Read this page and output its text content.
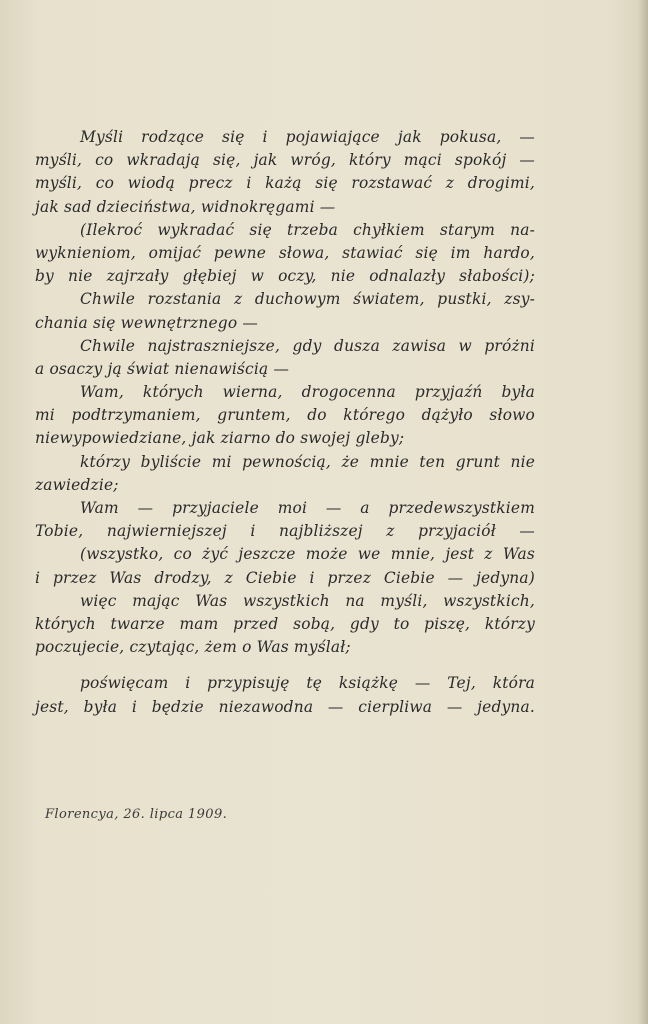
Myśli rodzące się i pojawiające jak pokusa, —
myśli, co wkradają się, jak wróg, który mąci spokój —
myśli, co wiodą precz i każą się rozstawać z drogimi,
jak sad dzieciństwa, widnokręgami —
(Ilekroć wykradać się trzeba chyłkiem starym na-
wyknieniom, omijać pewne słowa, stawiać się im hardo,
by nie zajrzały głębiej w oczy, nie odnalazły słabości);
Chwile rozstania z duchowym światem, pustki, zsy-
chania się wewnętrznego —
Chwile najstraszniejsze, gdy dusza zawisa w próżni
a osaczy ją świat nienawiścią —
Wam, których wierna, drogocenna przyjaźń była
mi podtrzymaniem, gruntem, do którego dążyło słowo
niewypowiedziane, jak ziarno do swojej gleby;
którzy byliście mi pewnością, że mnie ten grunt nie
zawiedzie;
Wam — przyjaciele moi — a przedewszystkiem
Tobie, najwierniejszej i najbliższej z przyjaciół —
(wszystko, co żyć jeszcze może we mnie, jest z Was
i przez Was drodzy, z Ciebie i przez Ciebie — jedyna)
więc mając Was wszystkich na myśli, wszystkich,
których twarze mam przed sobą, gdy to piszę, którzy
poczujecie, czytając, żem o Was myślał;
poświęcam i przypisuję tę książkę — Tej, która
jest, była i będzie niezawodna — cierpliwa — jedyna.
Florencya, 26. lipca 1909.
